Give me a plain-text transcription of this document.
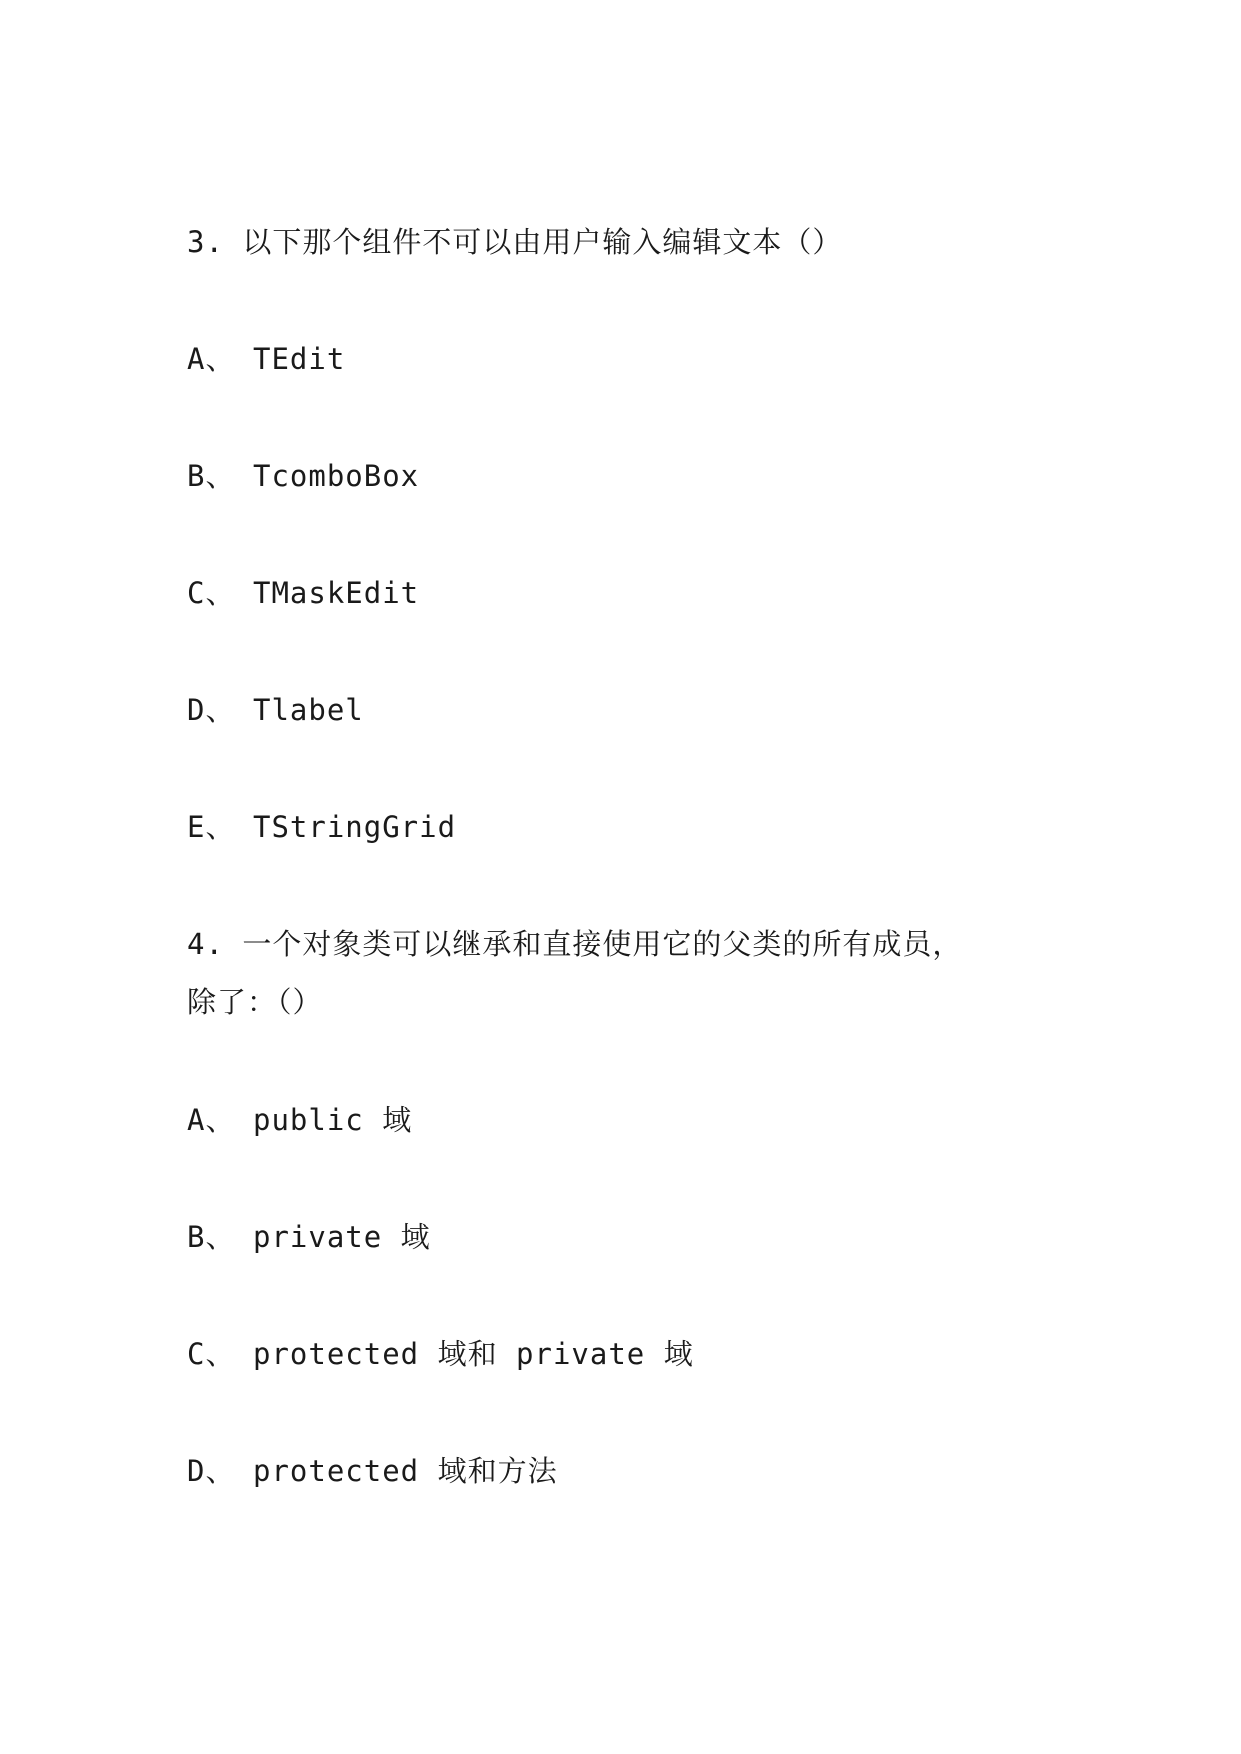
3. 以下那个组件不可以由用户输入编辑文本（）
A、 TEdit
B、 TcomboBox
C、 TMaskEdit
D、 Tlabel
E、 TStringGrid
4. 一个对象类可以继承和直接使用它的父类的所有成员，
除了：（）
A、 public 域
B、 private 域
C、 protected 域和 private 域
D、 protected 域和方法
